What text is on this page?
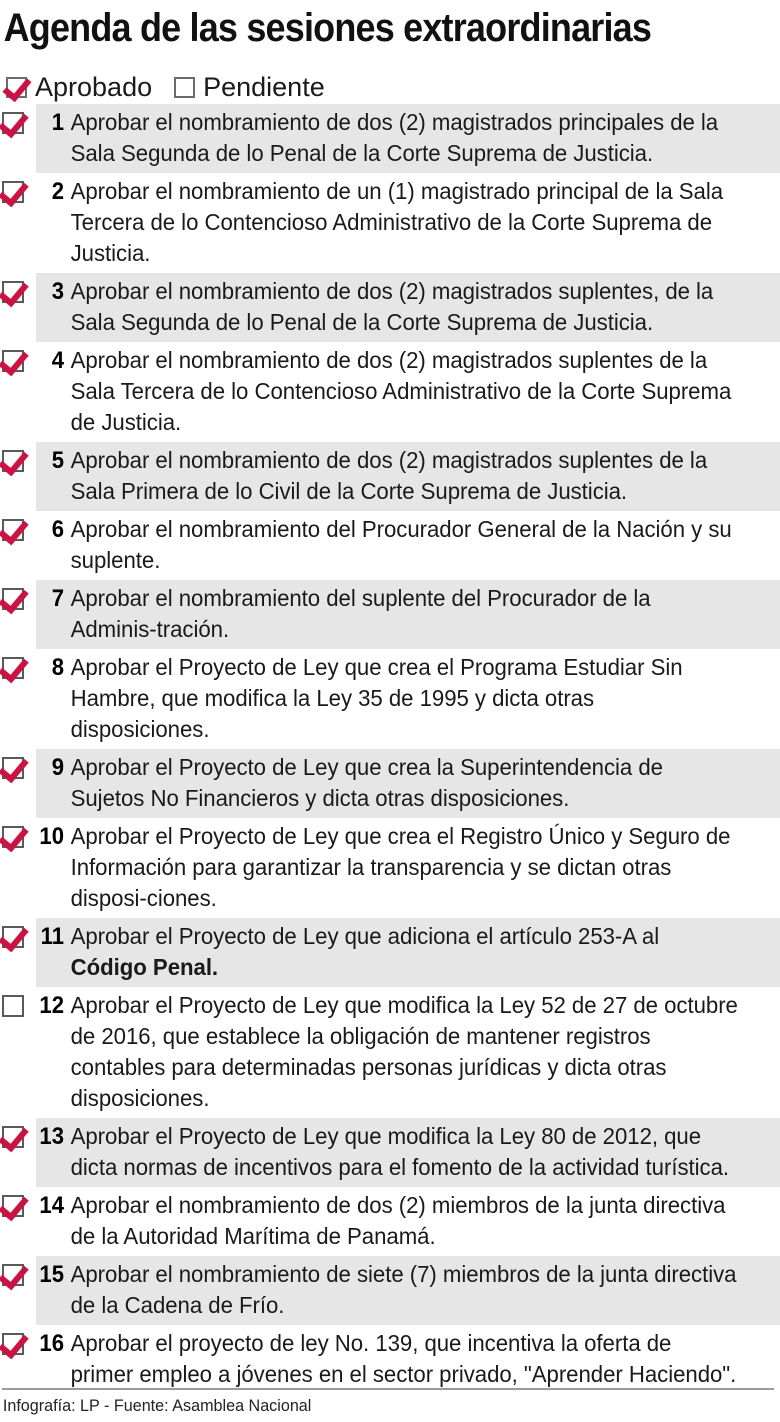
Agenda de las sesiones extraordinarias
Aprobado Pendiente
1 Aprobar el nombramiento de dos (2) magistrados principales de la Sala Segunda de lo Penal de la Corte Suprema de Justicia.
2 Aprobar el nombramiento de un (1) magistrado principal de la Sala Tercera de lo Contencioso Administrativo de la Corte Suprema de Justicia.
3 Aprobar el nombramiento de dos (2) magistrados suplentes, de la Sala Segunda de lo Penal de la Corte Suprema de Justicia.
4 Aprobar el nombramiento de dos (2) magistrados suplentes de la Sala Tercera de lo Contencioso Administrativo de la Corte Suprema de Justicia.
5 Aprobar el nombramiento de dos (2) magistrados suplentes de la Sala Primera de lo Civil de la Corte Suprema de Justicia.
6 Aprobar el nombramiento del Procurador General de la Nación y su suplente.
7 Aprobar el nombramiento del suplente del Procurador de la Adminis-tración.
8 Aprobar el Proyecto de Ley que crea el Programa Estudiar Sin Hambre, que modifica la Ley 35 de 1995 y dicta otras disposiciones.
9 Aprobar el Proyecto de Ley que crea la Superintendencia de Sujetos No Financieros y dicta otras disposiciones.
10 Aprobar el Proyecto de Ley que crea el Registro Único y Seguro de Información para garantizar la transparencia y se dictan otras disposi-ciones.
11 Aprobar el Proyecto de Ley que adiciona el artículo 253-A al Código Penal.
12 Aprobar el Proyecto de Ley que modifica la Ley 52 de 27 de octubre de 2016, que establece la obligación de mantener registros contables para determinadas personas jurídicas y dicta otras disposiciones.
13 Aprobar el Proyecto de Ley que modifica la Ley 80 de 2012, que dicta normas de incentivos para el fomento de la actividad turística.
14 Aprobar el nombramiento de dos (2) miembros de la junta directiva de la Autoridad Marítima de Panamá.
15 Aprobar el nombramiento de siete (7) miembros de la junta directiva de la Cadena de Frío.
16 Aprobar el proyecto de ley No. 139, que incentiva la oferta de primer empleo a jóvenes en el sector privado, "Aprender Haciendo".
Infografía: LP - Fuente: Asamblea Nacional
